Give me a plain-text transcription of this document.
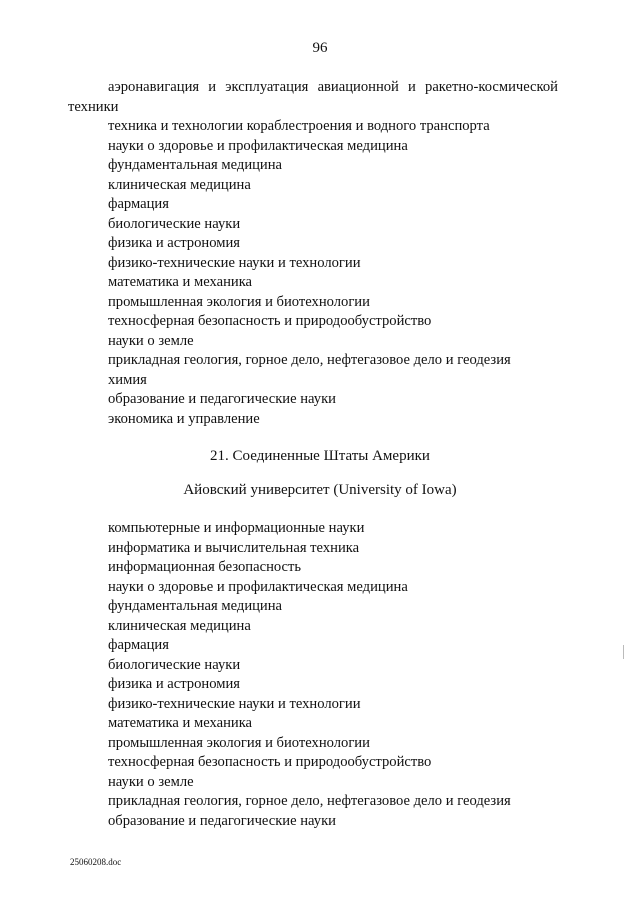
96

аэронавигация и эксплуатация авиационной и ракетно-космической техники

техника и технологии кораблестроения и водного транспорта
науки о здоровье и профилактическая медицина
фундаментальная медицина
клиническая медицина
фармация
биологические науки
физика и астрономия
физико-технические науки и технологии
математика и механика
промышленная экология и биотехнологии
техносферная безопасность и природообустройство
науки о земле
прикладная геология, горное дело, нефтегазовое дело и геодезия
химия
образование и педагогические науки
экономика и управление
21. Соединенные Штаты Америки
Айовский университет (University of Iowa)
компьютерные и информационные науки
информатика и вычислительная техника
информационная безопасность
науки о здоровье и профилактическая медицина
фундаментальная медицина
клиническая медицина
фармация
биологические науки
физика и астрономия
физико-технические науки и технологии
математика и механика
промышленная экология и биотехнологии
техносферная безопасность и природообустройство
науки о земле
прикладная геология, горное дело, нефтегазовое дело и геодезия
образование и педагогические науки
25060208.doc
